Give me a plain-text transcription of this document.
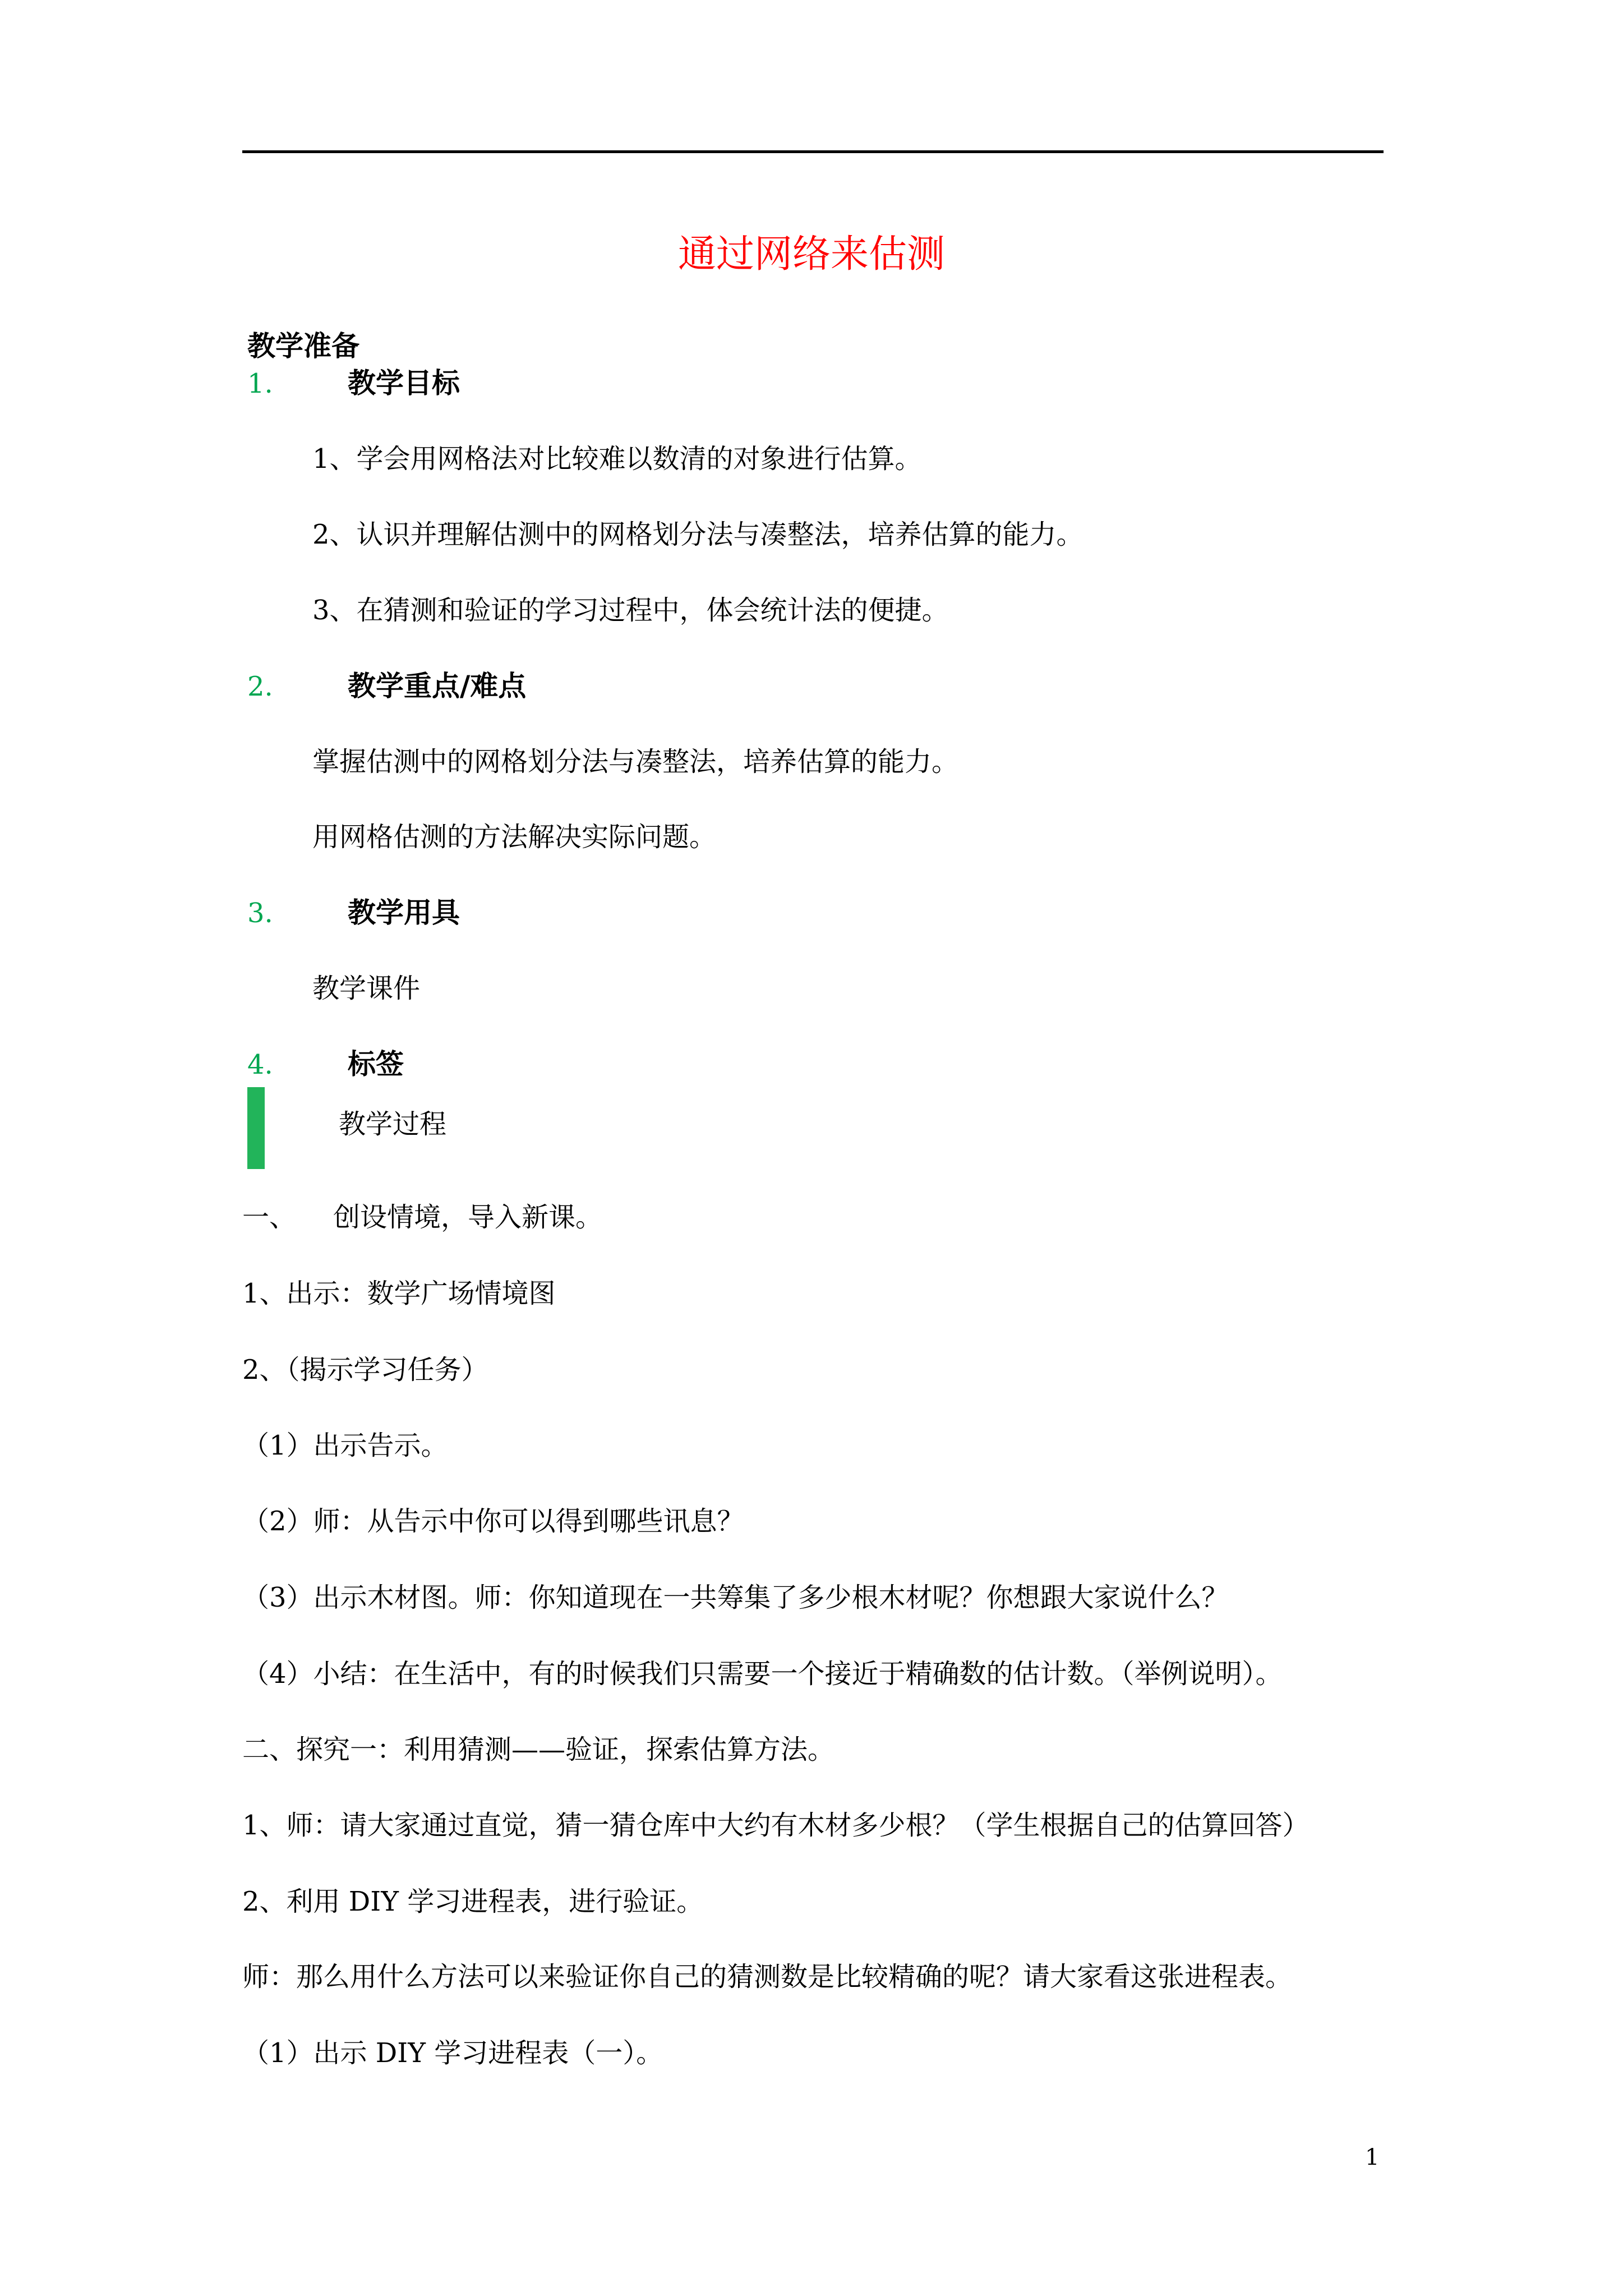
通过网络来估测
教学准备
1.	教学目标
1、学会用网格法对比较难以数清的对象进行估算。
2、认识并理解估测中的网格划分法与凑整法，培养估算的能力。
3、在猜测和验证的学习过程中，体会统计法的便捷。
2.	教学重点/难点
掌握估测中的网格划分法与凑整法，培养估算的能力。
用网格估测的方法解决实际问题。
3.	教学用具
教学课件
4.	标签
教学过程
一、 创设情境，导入新课。
1、出示：数学广场情境图
2、（揭示学习任务）
（1）出示告示。
（2）师：从告示中你可以得到哪些讯息？
（3）出示木材图。师：你知道现在一共筹集了多少根木材呢？你想跟大家说什么？
（4）小结：在生活中，有的时候我们只需要一个接近于精确数的估计数。（举例说明）。
二、探究一：利用猜测——验证，探索估算方法。
1、师：请大家通过直觉，猜一猜仓库中大约有木材多少根？（学生根据自己的估算回答）
2、利用 DIY 学习进程表，进行验证。
师：那么用什么方法可以来验证你自己的猜测数是比较精确的呢？请大家看这张进程表。
（1）出示 DIY 学习进程表（一）。
1
